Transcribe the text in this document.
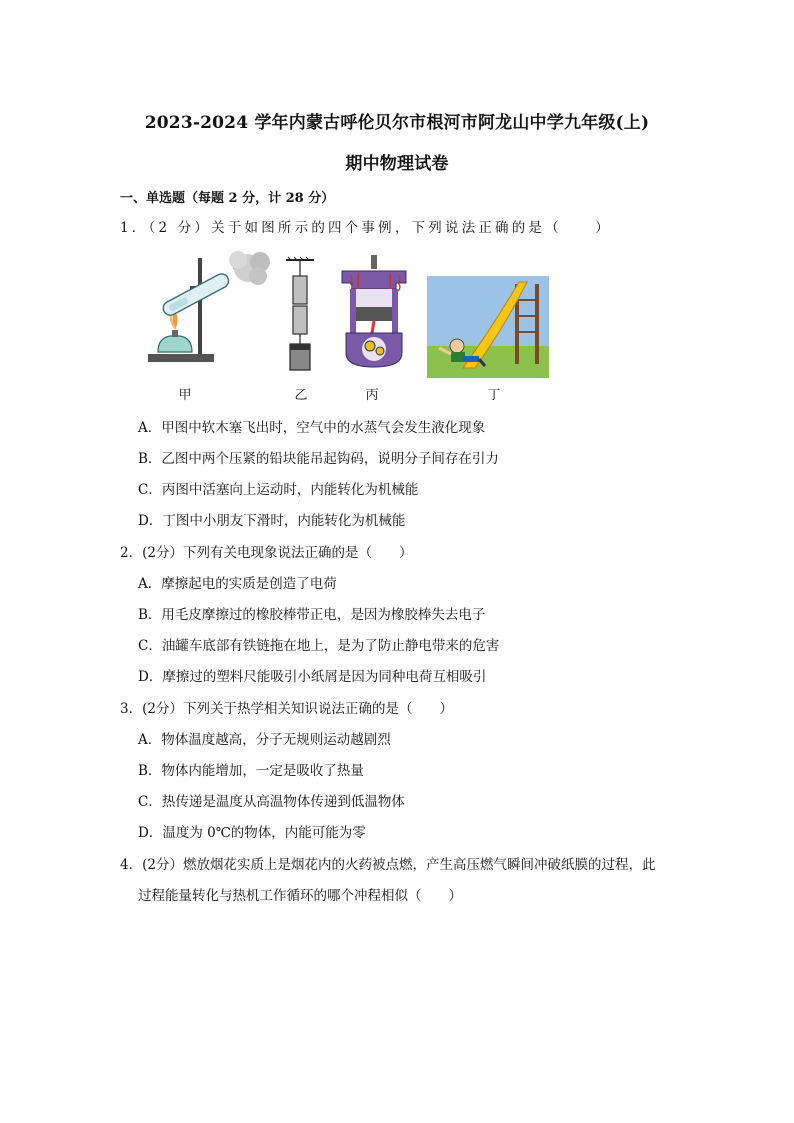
2023-2024 学年内蒙古呼伦贝尔市根河市阿龙山中学九年级(上)
期中物理试卷
一、单选题（每题 2 分，计 28 分）
1．（2 分）关于如图所示的四个事例，下列说法正确的是（　　）
甲	乙	丙	丁
A．甲图中软木塞飞出时，空气中的水蒸气会发生液化现象
B．乙图中两个压紧的铅块能吊起钩码，说明分子间存在引力
C．丙图中活塞向上运动时，内能转化为机械能
D．丁图中小朋友下滑时，内能转化为机械能
2．(2分）下列有关电现象说法正确的是（　　）
A．摩擦起电的实质是创造了电荷
B．用毛皮摩擦过的橡胶棒带正电，是因为橡胶棒失去电子
C．油罐车底部有铁链拖在地上，是为了防止静电带来的危害
D．摩擦过的塑料尺能吸引小纸屑是因为同种电荷互相吸引
3．(2分）下列关于热学相关知识说法正确的是（　　）
A．物体温度越高，分子无规则运动越剧烈
B．物体内能增加，一定是吸收了热量
C．热传递是温度从高温物体传递到低温物体
D．温度为 0℃的物体，内能可能为零
4．(2分）燃放烟花实质上是烟花内的火药被点燃，产生高压燃气瞬间冲破纸膜的过程，此
过程能量转化与热机工作循环的哪个冲程相似（　　）
